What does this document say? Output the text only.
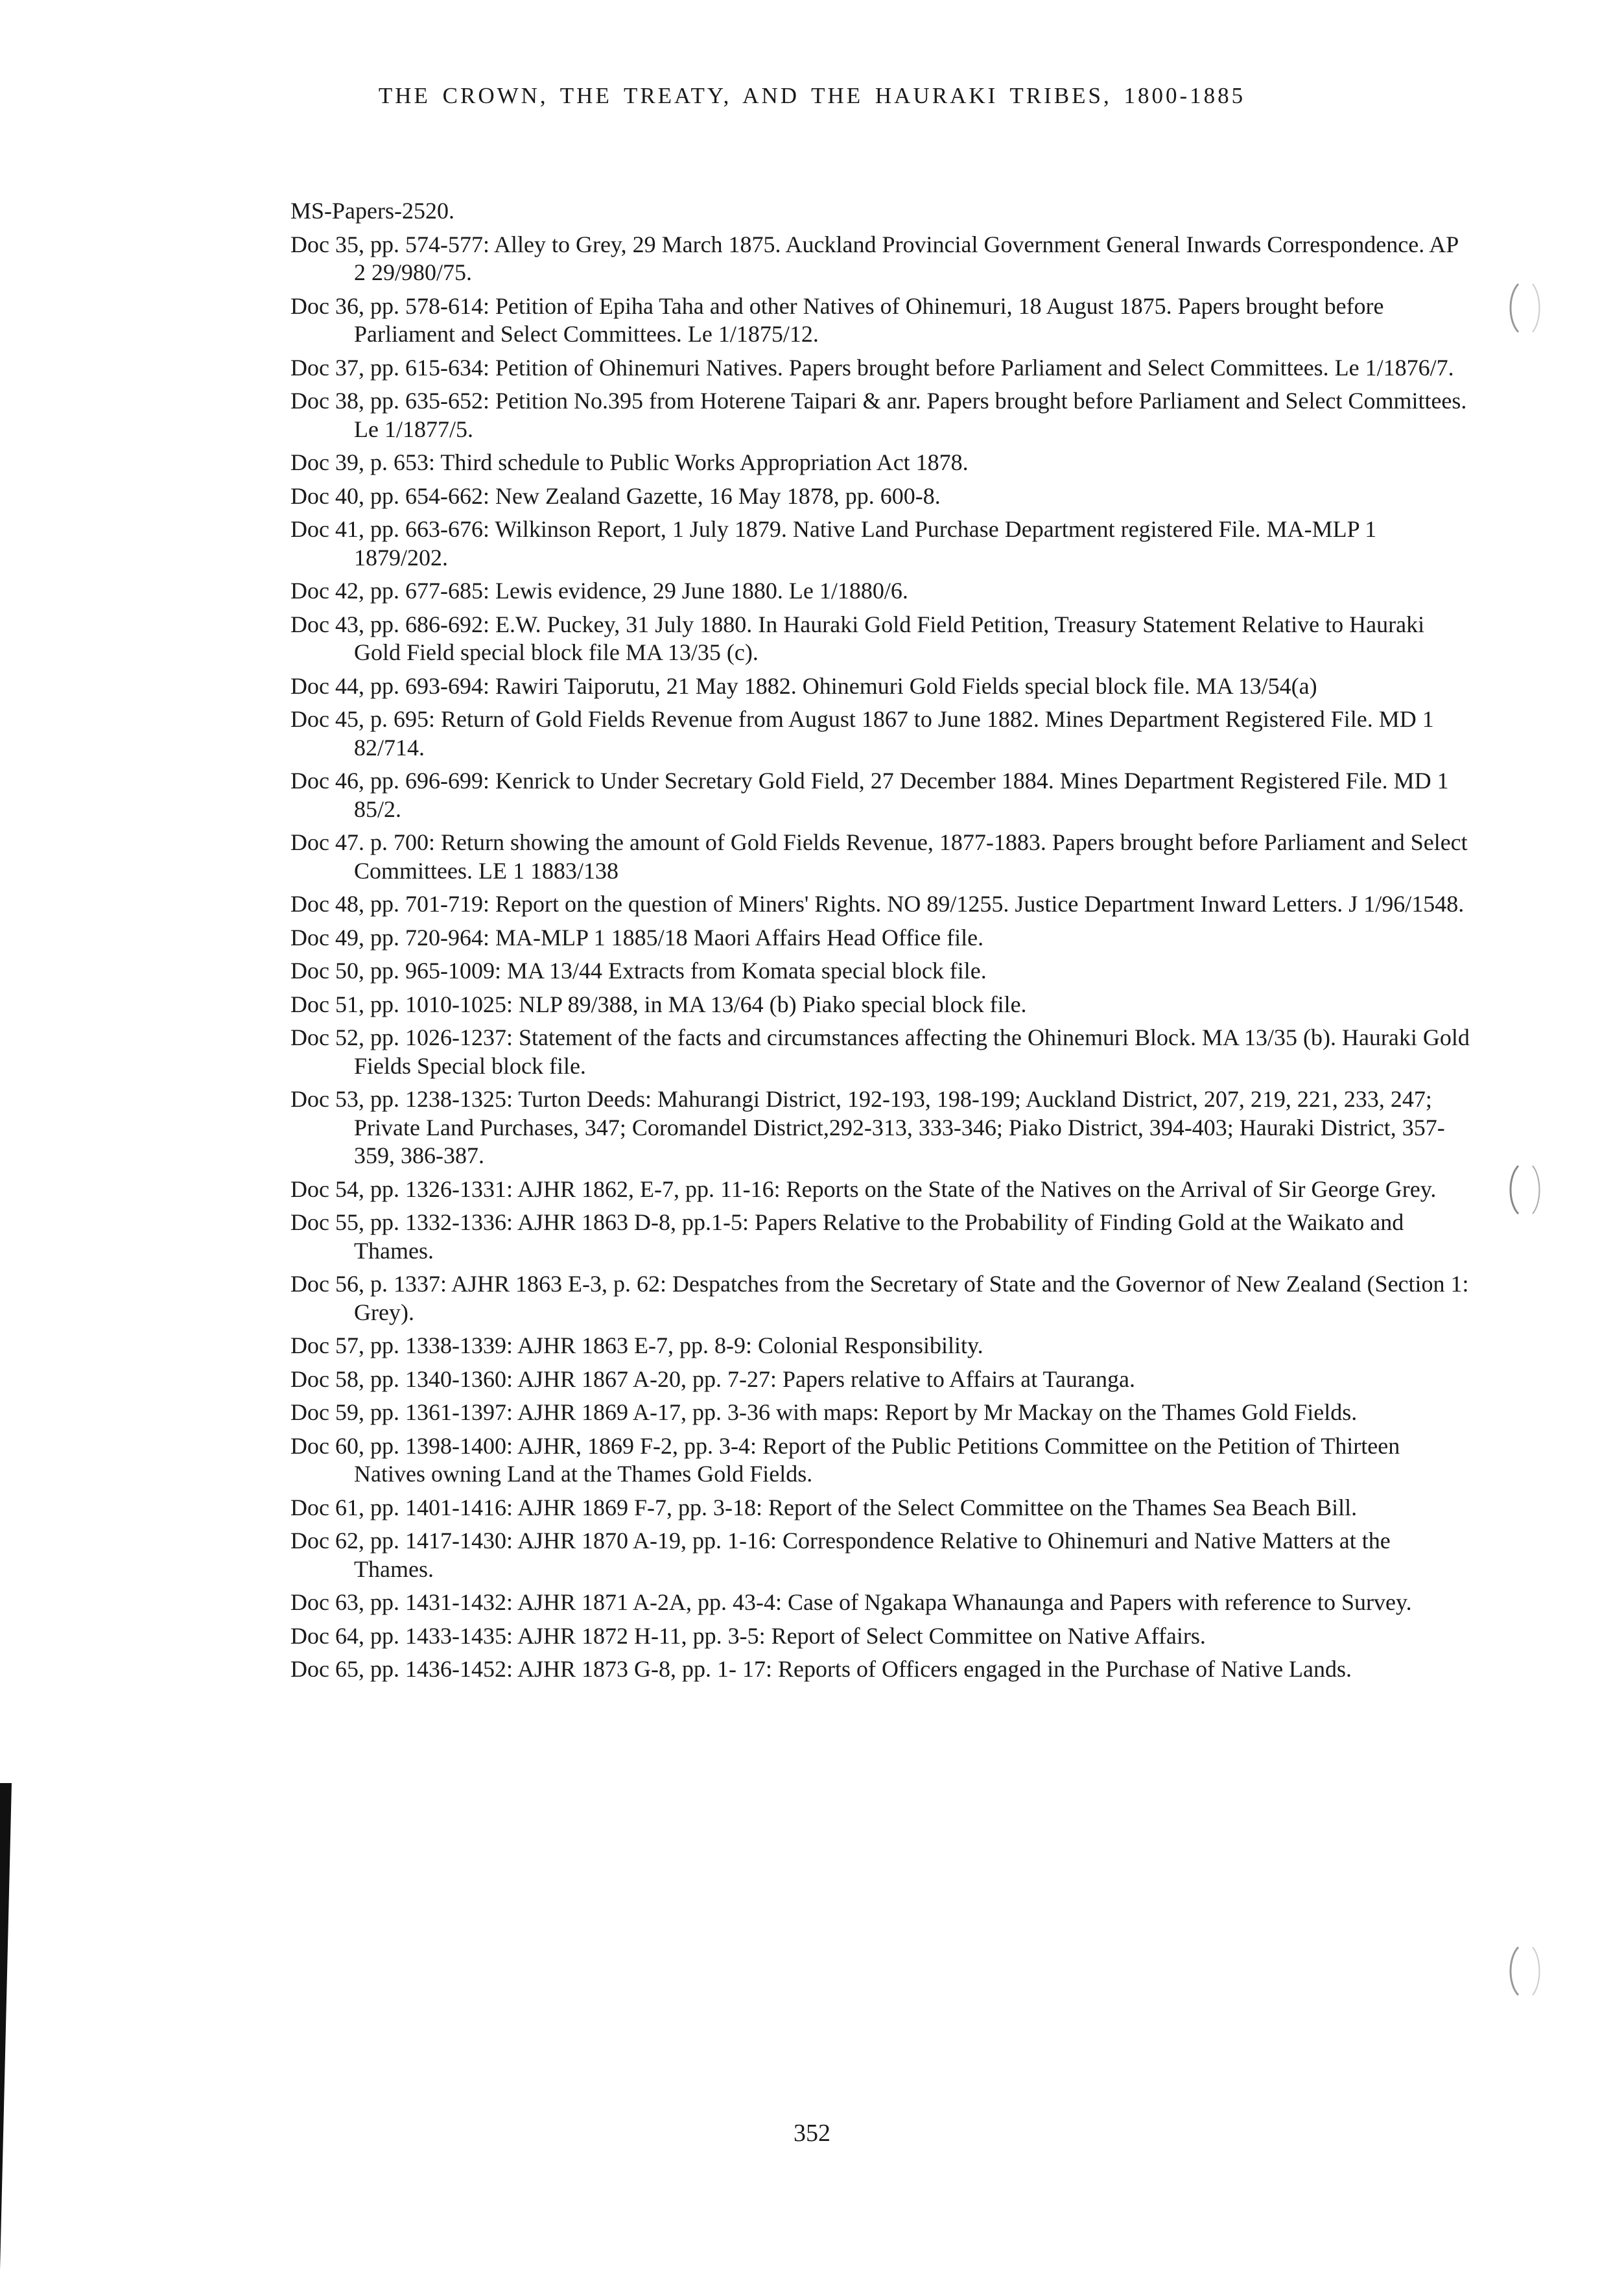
THE CROWN, THE TREATY, AND THE HAURAKI TRIBES, 1800-1885
MS-Papers-2520.
Doc 35, pp. 574-577: Alley to Grey, 29 March 1875. Auckland Provincial Government General Inwards Correspondence. AP 2 29/980/75.
Doc 36, pp. 578-614: Petition of Epiha Taha and other Natives of Ohinemuri, 18 August 1875. Papers brought before Parliament and Select Committees. Le 1/1875/12.
Doc 37, pp. 615-634: Petition of Ohinemuri Natives. Papers brought before Parliament and Select Committees. Le 1/1876/7.
Doc 38, pp. 635-652: Petition No.395 from Hoterene Taipari & anr. Papers brought before Parliament and Select Committees. Le 1/1877/5.
Doc 39, p. 653: Third schedule to Public Works Appropriation Act 1878.
Doc 40, pp. 654-662: New Zealand Gazette, 16 May 1878, pp. 600-8.
Doc 41, pp. 663-676: Wilkinson Report, 1 July 1879. Native Land Purchase Department registered File. MA-MLP 1 1879/202.
Doc 42, pp. 677-685: Lewis evidence, 29 June 1880. Le 1/1880/6.
Doc 43, pp. 686-692: E.W. Puckey, 31 July 1880. In Hauraki Gold Field Petition, Treasury Statement Relative to Hauraki Gold Field special block file MA 13/35 (c).
Doc 44, pp. 693-694: Rawiri Taiporutu, 21 May 1882. Ohinemuri Gold Fields special block file. MA 13/54(a)
Doc 45, p. 695: Return of Gold Fields Revenue from August 1867 to June 1882. Mines Department Registered File. MD 1 82/714.
Doc 46, pp. 696-699: Kenrick to Under Secretary Gold Field, 27 December 1884. Mines Department Registered File. MD 1 85/2.
Doc 47. p. 700: Return showing the amount of Gold Fields Revenue, 1877-1883. Papers brought before Parliament and Select Committees. LE 1 1883/138
Doc 48, pp. 701-719: Report on the question of Miners' Rights. NO 89/1255. Justice Department Inward Letters. J 1/96/1548.
Doc 49, pp. 720-964: MA-MLP 1 1885/18 Maori Affairs Head Office file.
Doc 50, pp. 965-1009: MA 13/44 Extracts from Komata special block file.
Doc 51, pp. 1010-1025: NLP 89/388, in MA 13/64 (b) Piako special block file.
Doc 52, pp. 1026-1237: Statement of the facts and circumstances affecting the Ohinemuri Block. MA 13/35 (b). Hauraki Gold Fields Special block file.
Doc 53, pp. 1238-1325: Turton Deeds: Mahurangi District, 192-193, 198-199; Auckland District, 207, 219, 221, 233, 247; Private Land Purchases, 347; Coromandel District,292-313, 333-346; Piako District, 394-403; Hauraki District, 357-359, 386-387.
Doc 54, pp. 1326-1331: AJHR 1862, E-7, pp. 11-16: Reports on the State of the Natives on the Arrival of Sir George Grey.
Doc 55, pp. 1332-1336: AJHR 1863 D-8, pp.1-5: Papers Relative to the Probability of Finding Gold at the Waikato and Thames.
Doc 56, p. 1337: AJHR 1863 E-3, p. 62: Despatches from the Secretary of State and the Governor of New Zealand (Section 1: Grey).
Doc 57, pp. 1338-1339: AJHR 1863 E-7, pp. 8-9: Colonial Responsibility.
Doc 58, pp. 1340-1360: AJHR 1867 A-20, pp. 7-27: Papers relative to Affairs at Tauranga.
Doc 59, pp. 1361-1397: AJHR 1869 A-17, pp. 3-36 with maps: Report by Mr Mackay on the Thames Gold Fields.
Doc 60, pp. 1398-1400: AJHR, 1869 F-2, pp. 3-4: Report of the Public Petitions Committee on the Petition of Thirteen Natives owning Land at the Thames Gold Fields.
Doc 61, pp. 1401-1416: AJHR 1869 F-7, pp. 3-18: Report of the Select Committee on the Thames Sea Beach Bill.
Doc 62, pp. 1417-1430: AJHR 1870 A-19, pp. 1-16: Correspondence Relative to Ohinemuri and Native Matters at the Thames.
Doc 63, pp. 1431-1432: AJHR 1871 A-2A, pp. 43-4: Case of Ngakapa Whanaunga and Papers with reference to Survey.
Doc 64, pp. 1433-1435: AJHR 1872 H-11, pp. 3-5: Report of Select Committee on Native Affairs.
Doc 65, pp. 1436-1452: AJHR 1873 G-8, pp. 1- 17: Reports of Officers engaged in the Purchase of Native Lands.
352
